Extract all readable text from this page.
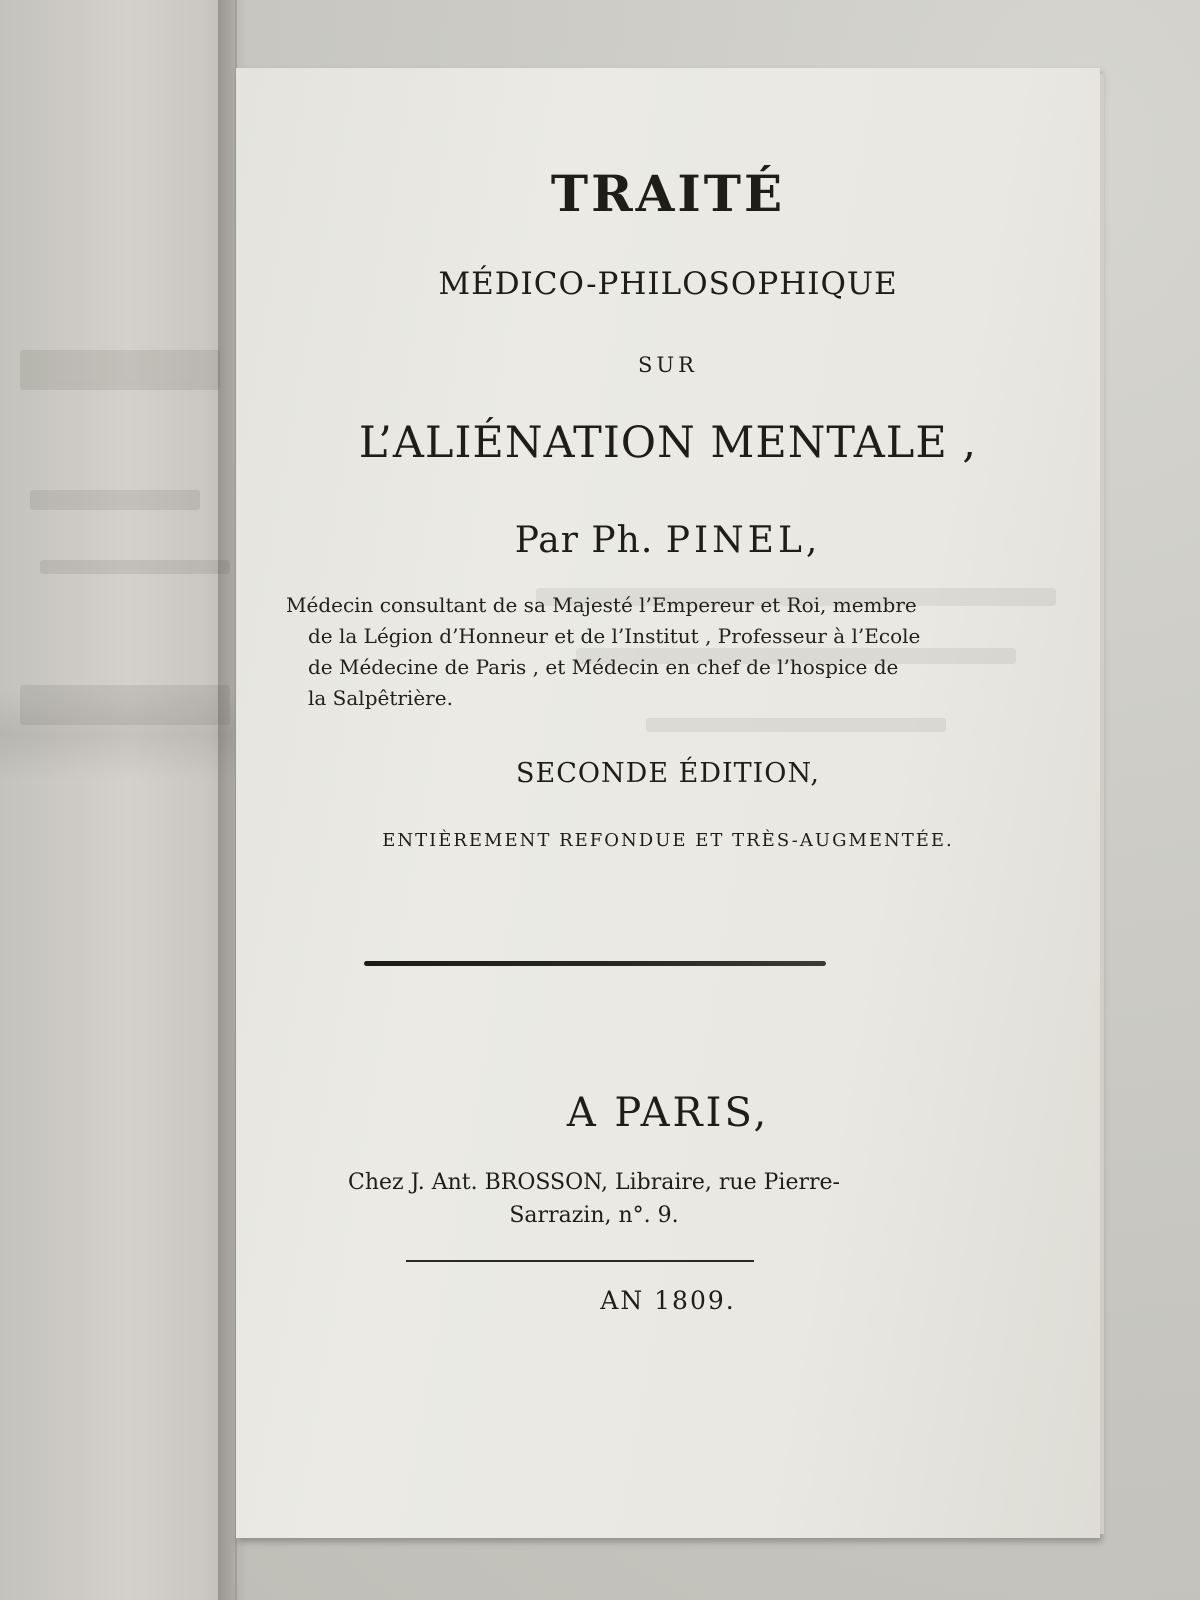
TRAITÉ
MÉDICO-PHILOSOPHIQUE
SUR
L’ALIÉNATION MENTALE ,
Par Ph. PINEL,
Médecin consultant de sa Majesté l’Empereur et Roi, membre
de la Légion d’Honneur et de l’Institut , Professeur à l’Ecole
de Médecine de Paris , et Médecin en chef de l’hospice de
la Salpêtrière.
SECONDE ÉDITION,
ENTIÈREMENT REFONDUE ET TRÈS-AUGMENTÉE.
A PARIS,
Chez J. Ant. BROSSON, Libraire, rue Pierre-
Sarrazin, n°. 9.
AN 1809.
